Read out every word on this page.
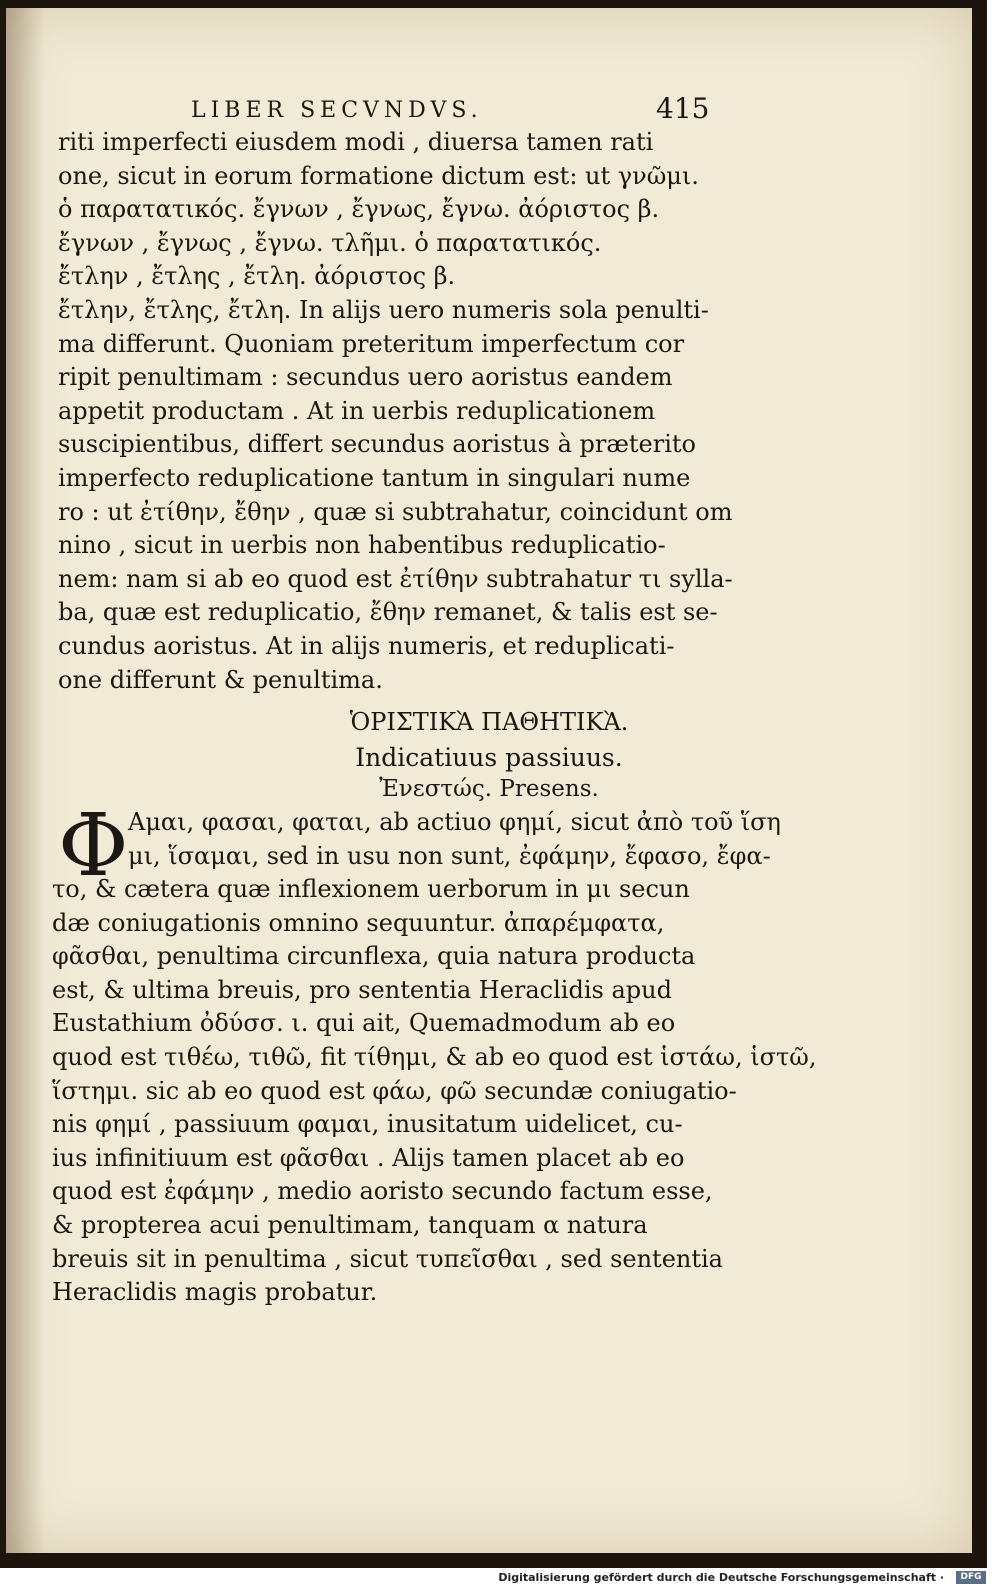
LIBER SECVNDVS.	415
riti imperfecti eiusdem modi , diuersa tamen rati
one, sicut in eorum formatione dictum est: ut γνῶμι.
ὁ παρατατικός. ἔγνων , ἔγνως, ἔγνω. ἀόριστος β.
ἔγνων , ἔγνως , ἔγνω. τλῆμι. ὁ παρατατικός.
ἔτλην , ἔτλης , ἔτλη. ἀόριστος β.
ἔτλην, ἔτλης, ἔτλη. In alijs uero numeris sola penulti-
ma differunt. Quoniam preteritum imperfectum cor
ripit penultimam : secundus uero aoristus eandem
appetit productam . At in uerbis reduplicationem
suscipientibus, differt secundus aoristus à præterito
imperfecto reduplicatione tantum in singulari nume
ro : ut ἐτίθην, ἔθην , quæ si subtrahatur, coincidunt om
nino , sicut in uerbis non habentibus reduplicatio-
nem: nam si ab eo quod est ἐτίθην subtrahatur τι sylla-
ba, quæ est reduplicatio, ἔθην remanet, & talis est se-
cundus aoristus. At in alijs numeris, et reduplicati-
one differunt & penultima.
ὉΡΙΣΤΙΚᾺ ΠΑΘΗΤΙΚᾺ.
Indicatiuus passiuus.
Ἐνεστώς. Presens.
Φ Αμαι, φασαι, φαται, ab actiuo φημί, sicut ἀπὸ τοῦ ἵση
μι, ἵσαμαι, sed in usu non sunt, ἐφάμην, ἔφασο, ἔφα-
το, & cætera quæ inflexionem uerborum in μι secun
dæ coniugationis omnino sequuntur. ἀπαρέμφατα,
φᾶσθαι, penultima circunflexa, quia natura producta
est, & ultima breuis, pro sententia Heraclidis apud
Eustathium ὀδύσσ. ι. qui ait, Quemadmodum ab eo
quod est τιθέω, τιθῶ, fit τίθημι, & ab eo quod est ἱστάω, ἱστῶ,
ἵστημι. sic ab eo quod est φάω, φῶ secundæ coniugatio-
nis φημί , passiuum φαμαι, inusitatum uidelicet, cu-
ius infinitiuum est φᾶσθαι . Alijs tamen placet ab eo
quod est ἐφάμην , medio aoristo secundo factum esse,
& propterea acui penultimam, tanquam α natura
breuis sit in penultima , sicut τυπεῖσθαι , sed sententia
Heraclidis magis probatur.
Digitalisierung gefördert durch die Deutsche Forschungsgemeinschaft ·	DFG
